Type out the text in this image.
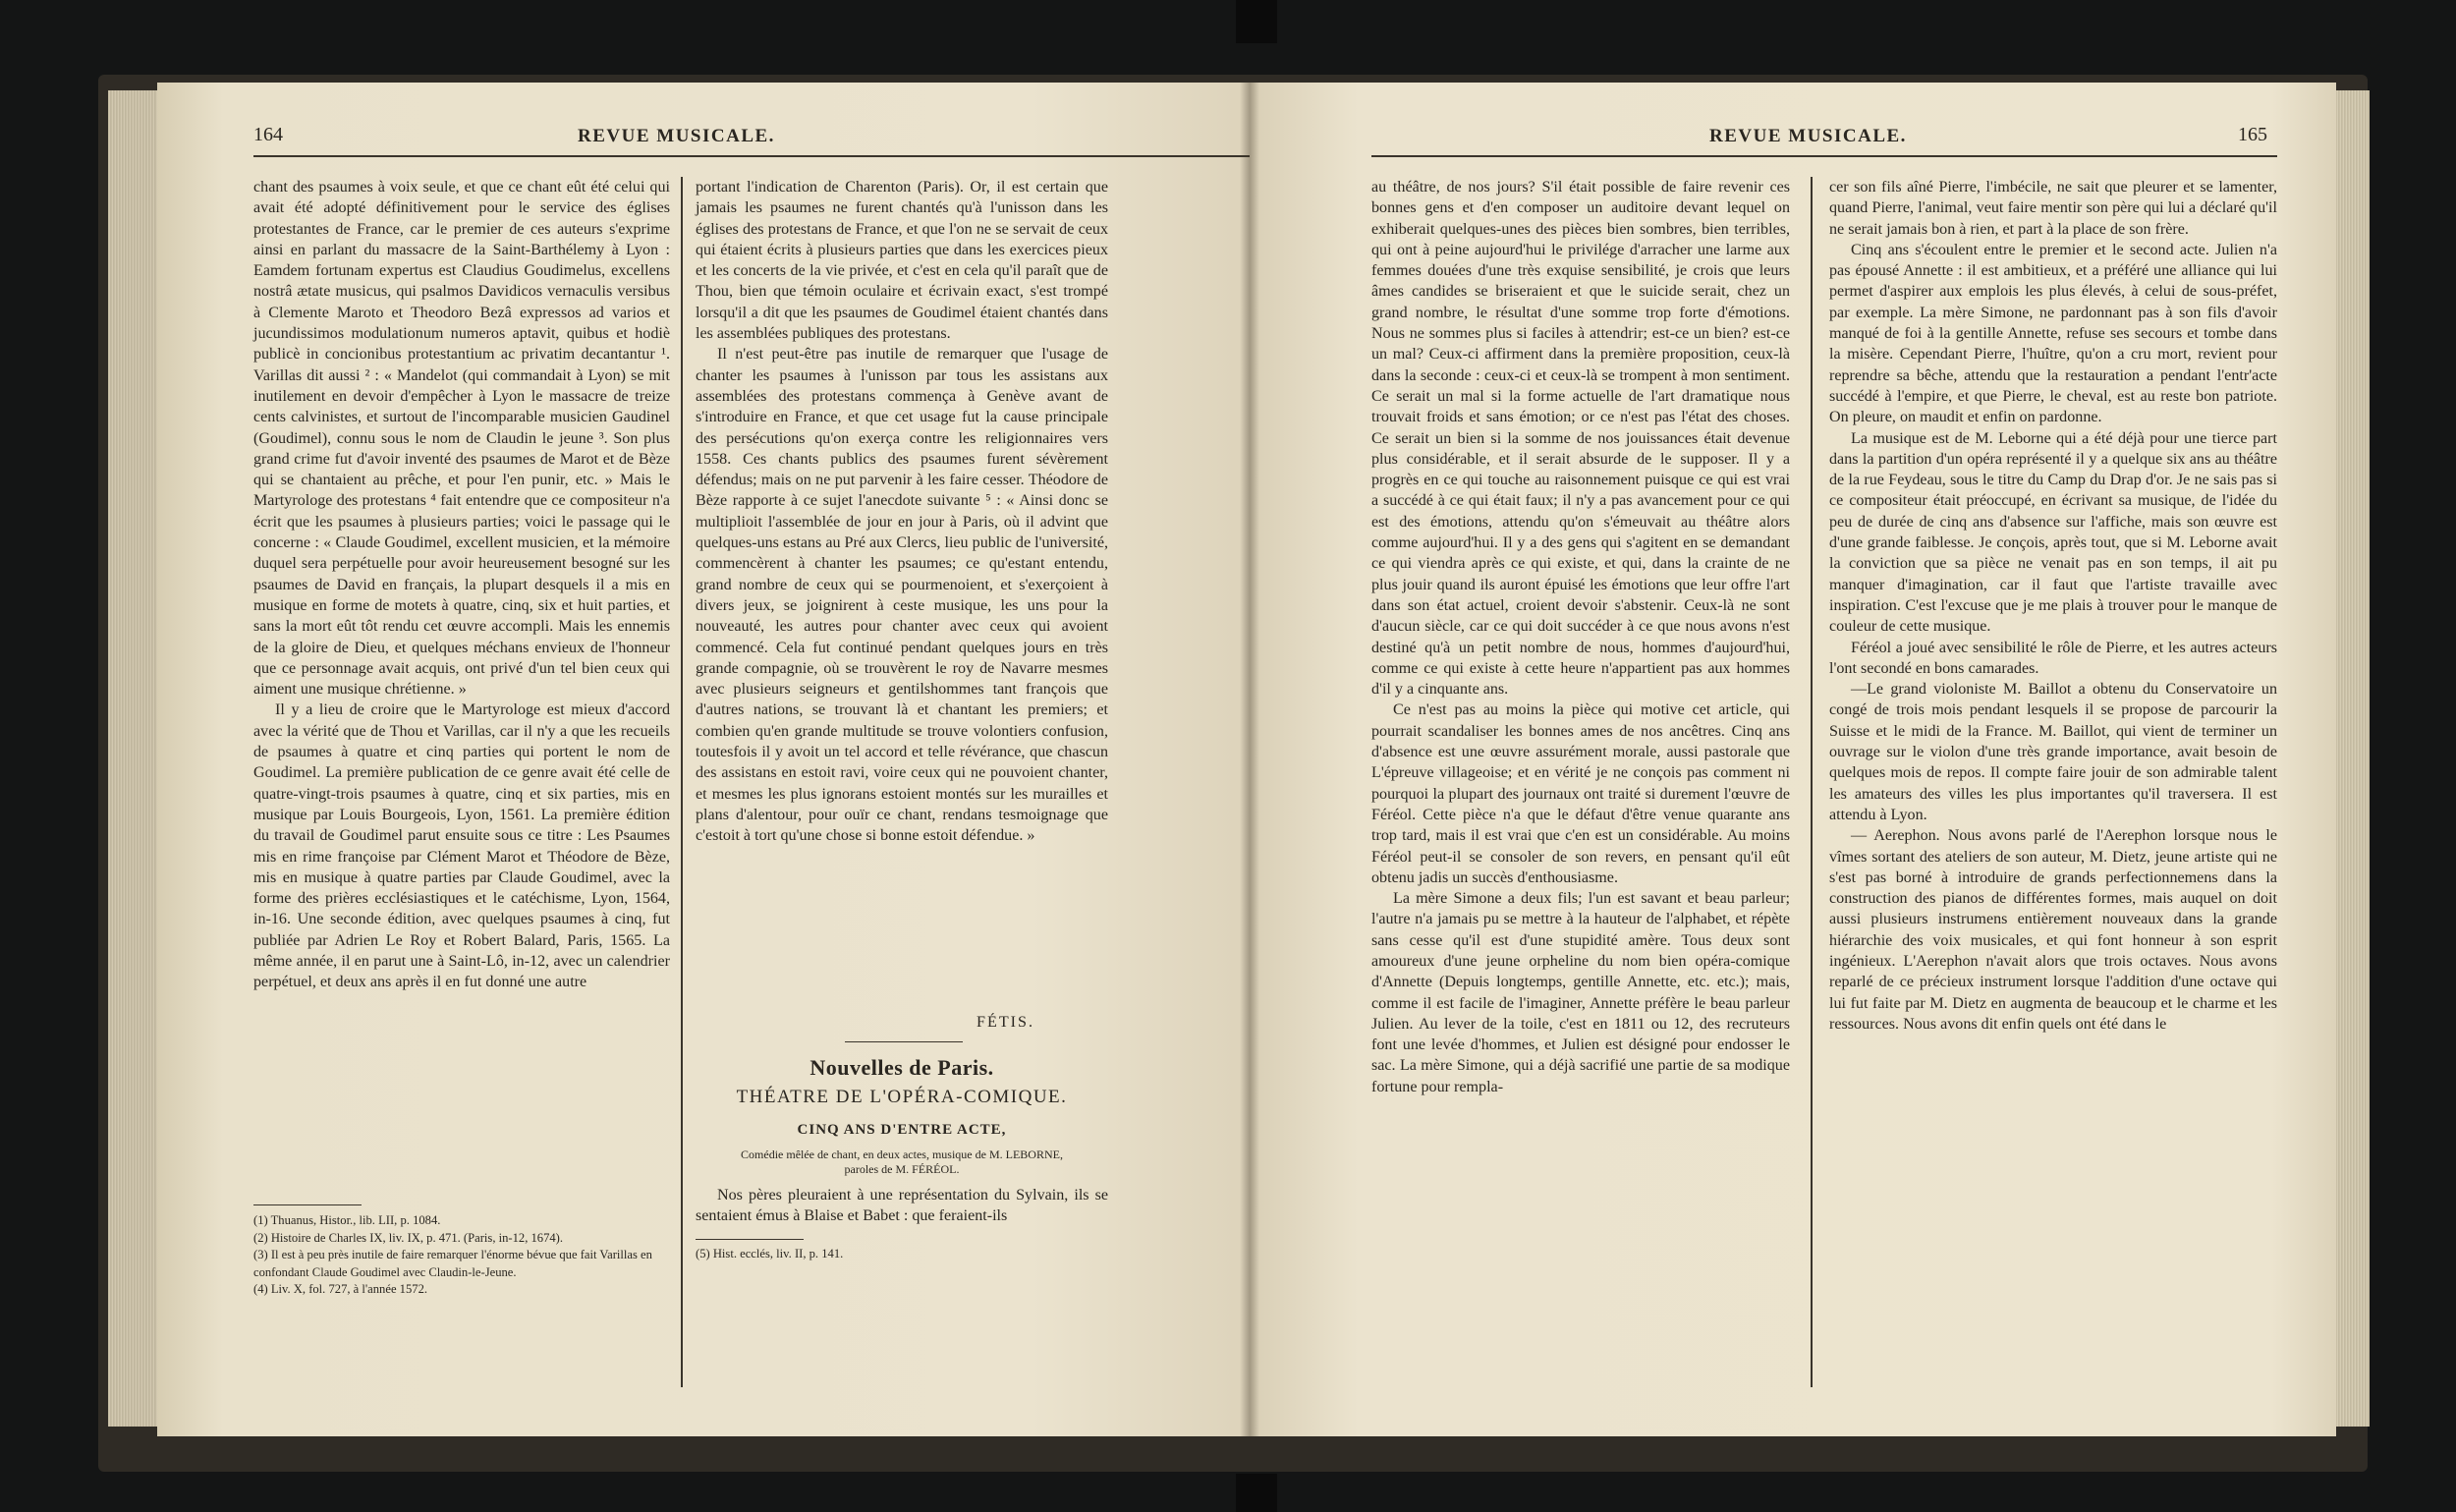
164	REVUE MUSICALE.

chant des psaumes à voix seule, et que ce chant eût été celui qui avait été adopté définitivement pour le service des églises protestantes de France, car le premier de ces auteurs s'exprime ainsi en parlant du massacre de la Saint-Barthélemy à Lyon : Eamdem fortunam expertus est Claudius Goudimelus, excellens nostrâ ætate musicus, qui psalmos Davidicos vernaculis versibus à Clemente Maroto et Theodoro Bezâ expressos ad varios et jucundissimos modulationum numeros aptavit, quibus et hodiè publicè in concionibus protestantium ac privatim decantantur ¹. Varillas dit aussi ² : « Mandelot (qui commandait à Lyon) se mit inutilement en devoir d'empêcher à Lyon le massacre de treize cents calvinistes, et surtout de l'incomparable musicien Gaudinel (Goudimel), connu sous le nom de Claudin le jeune ³. Son plus grand crime fut d'avoir inventé des psaumes de Marot et de Bèze qui se chantaient au prêche, et pour l'en punir, etc. » Mais le Martyrologe des protestans ⁴ fait entendre que ce compositeur n'a écrit que les psaumes à plusieurs parties; voici le passage qui le concerne : « Claude Goudimel, excellent musicien, et la mémoire duquel sera perpétuelle pour avoir heureusement besogné sur les psaumes de David en français, la plupart desquels il a mis en musique en forme de motets à quatre, cinq, six et huit parties, et sans la mort eût tôt rendu cet œuvre accompli. Mais les ennemis de la gloire de Dieu, et quelques méchans envieux de l'honneur que ce personnage avait acquis, ont privé d'un tel bien ceux qui aiment une musique chrétienne. »

Il y a lieu de croire que le Martyrologe est mieux d'accord avec la vérité que de Thou et Varillas, car il n'y a que les recueils de psaumes à quatre et cinq parties qui portent le nom de Goudimel. La première publication de ce genre avait été celle de quatre-vingt-trois psaumes à quatre, cinq et six parties, mis en musique par Louis Bourgeois, Lyon, 1561. La première édition du travail de Goudimel parut ensuite sous ce titre : Les Psaumes mis en rime françoise par Clément Marot et Théodore de Bèze, mis en musique à quatre parties par Claude Goudimel, avec la forme des prières ecclésiastiques et le catéchisme, Lyon, 1564, in-16. Une seconde édition, avec quelques psaumes à cinq, fut publiée par Adrien Le Roy et Robert Balard, Paris, 1565. La même année, il en parut une à Saint-Lô, in-12, avec un calendrier perpétuel, et deux ans après il en fut donné une autre

(1) Thuanus, Histor., lib. LII, p. 1084.

(2) Histoire de Charles IX, liv. IX, p. 471. (Paris, in-12, 1674).

(3) Il est à peu près inutile de faire remarquer l'énorme bévue que fait Varillas en confondant Claude Goudimel avec Claudin-le-Jeune.

(4) Liv. X, fol. 727, à l'année 1572.

portant l'indication de Charenton (Paris). Or, il est certain que jamais les psaumes ne furent chantés qu'à l'unisson dans les églises des protestans de France, et que l'on ne se servait de ceux qui étaient écrits à plusieurs parties que dans les exercices pieux et les concerts de la vie privée, et c'est en cela qu'il paraît que de Thou, bien que témoin oculaire et écrivain exact, s'est trompé lorsqu'il a dit que les psaumes de Goudimel étaient chantés dans les assemblées publiques des protestans.

Il n'est peut-être pas inutile de remarquer que l'usage de chanter les psaumes à l'unisson par tous les assistans aux assemblées des protestans commença à Genève avant de s'introduire en France, et que cet usage fut la cause principale des persécutions qu'on exerça contre les religionnaires vers 1558. Ces chants publics des psaumes furent sévèrement défendus; mais on ne put parvenir à les faire cesser. Théodore de Bèze rapporte à ce sujet l'anecdote suivante ⁵ : « Ainsi donc se multiplioit l'assemblée de jour en jour à Paris, où il advint que quelques-uns estans au Pré aux Clercs, lieu public de l'université, commencèrent à chanter les psaumes; ce qu'estant entendu, grand nombre de ceux qui se pourmenoient, et s'exerçoient à divers jeux, se joignirent à ceste musique, les uns pour la nouveauté, les autres pour chanter avec ceux qui avoient commencé. Cela fut continué pendant quelques jours en très grande compagnie, où se trouvèrent le roy de Navarre mesmes avec plusieurs seigneurs et gentilshommes tant françois que d'autres nations, se trouvant là et chantant les premiers; et combien qu'en grande multitude se trouve volontiers confusion, toutesfois il y avoit un tel accord et telle révérance, que chascun des assistans en estoit ravi, voire ceux qui ne pouvoient chanter, et mesmes les plus ignorans estoient montés sur les murailles et plans d'alentour, pour ouïr ce chant, rendans tesmoignage que c'estoit à tort qu'une chose si bonne estoit défendue. »

FÉTIS.
Nouvelles de Paris.
THÉATRE DE L'OPÉRA-COMIQUE.
CINQ ANS D'ENTRE ACTE,
Comédie mêlée de chant, en deux actes, musique de M. LEBORNE,
paroles de M. FÉRÉOL.

Nos pères pleuraient à une représentation du Sylvain, ils se sentaient émus à Blaise et Babet : que feraient-ils

(5) Hist. ecclés, liv. II, p. 141.
REVUE MUSICALE.	165

au théâtre, de nos jours? S'il était possible de faire revenir ces bonnes gens et d'en composer un auditoire devant lequel on exhiberait quelques-unes des pièces bien sombres, bien terribles, qui ont à peine aujourd'hui le privilége d'arracher une larme aux femmes douées d'une très exquise sensibilité, je crois que leurs âmes candides se briseraient et que le suicide serait, chez un grand nombre, le résultat d'une somme trop forte d'émotions. Nous ne sommes plus si faciles à attendrir; est-ce un bien? est-ce un mal? Ceux-ci affirment dans la première proposition, ceux-là dans la seconde : ceux-ci et ceux-là se trompent à mon sentiment. Ce serait un mal si la forme actuelle de l'art dramatique nous trouvait froids et sans émotion; or ce n'est pas l'état des choses. Ce serait un bien si la somme de nos jouissances était devenue plus considérable, et il serait absurde de le supposer. Il y a progrès en ce qui touche au raisonnement puisque ce qui est vrai a succédé à ce qui était faux; il n'y a pas avancement pour ce qui est des émotions, attendu qu'on s'émeuvait au théâtre alors comme aujourd'hui. Il y a des gens qui s'agitent en se demandant ce qui viendra après ce qui existe, et qui, dans la crainte de ne plus jouir quand ils auront épuisé les émotions que leur offre l'art dans son état actuel, croient devoir s'abstenir. Ceux-là ne sont d'aucun siècle, car ce qui doit succéder à ce que nous avons n'est destiné qu'à un petit nombre de nous, hommes d'aujourd'hui, comme ce qui existe à cette heure n'appartient pas aux hommes d'il y a cinquante ans.

Ce n'est pas au moins la pièce qui motive cet article, qui pourrait scandaliser les bonnes ames de nos ancêtres. Cinq ans d'absence est une œuvre assurément morale, aussi pastorale que L'épreuve villageoise; et en vérité je ne conçois pas comment ni pourquoi la plupart des journaux ont traité si durement l'œuvre de Féréol. Cette pièce n'a que le défaut d'être venue quarante ans trop tard, mais il est vrai que c'en est un considérable. Au moins Féréol peut-il se consoler de son revers, en pensant qu'il eût obtenu jadis un succès d'enthousiasme.

La mère Simone a deux fils; l'un est savant et beau parleur; l'autre n'a jamais pu se mettre à la hauteur de l'alphabet, et répète sans cesse qu'il est d'une stupidité amère. Tous deux sont amoureux d'une jeune orpheline du nom bien opéra-comique d'Annette (Depuis longtemps, gentille Annette, etc. etc.); mais, comme il est facile de l'imaginer, Annette préfère le beau parleur Julien. Au lever de la toile, c'est en 1811 ou 12, des recruteurs font une levée d'hommes, et Julien est désigné pour endosser le sac. La mère Simone, qui a déjà sacrifié une partie de sa modique fortune pour rempla-

cer son fils aîné Pierre, l'imbécile, ne sait que pleurer et se lamenter, quand Pierre, l'animal, veut faire mentir son père qui lui a déclaré qu'il ne serait jamais bon à rien, et part à la place de son frère.

Cinq ans s'écoulent entre le premier et le second acte. Julien n'a pas épousé Annette : il est ambitieux, et a préféré une alliance qui lui permet d'aspirer aux emplois les plus élevés, à celui de sous-préfet, par exemple. La mère Simone, ne pardonnant pas à son fils d'avoir manqué de foi à la gentille Annette, refuse ses secours et tombe dans la misère. Cependant Pierre, l'huître, qu'on a cru mort, revient pour reprendre sa bêche, attendu que la restauration a pendant l'entr'acte succédé à l'empire, et que Pierre, le cheval, est au reste bon patriote. On pleure, on maudit et enfin on pardonne.

La musique est de M. Leborne qui a été déjà pour une tierce part dans la partition d'un opéra représenté il y a quelque six ans au théâtre de la rue Feydeau, sous le titre du Camp du Drap d'or. Je ne sais pas si ce compositeur était préoccupé, en écrivant sa musique, de l'idée du peu de durée de cinq ans d'absence sur l'affiche, mais son œuvre est d'une grande faiblesse. Je conçois, après tout, que si M. Leborne avait la conviction que sa pièce ne venait pas en son temps, il ait pu manquer d'imagination, car il faut que l'artiste travaille avec inspiration. C'est l'excuse que je me plais à trouver pour le manque de couleur de cette musique.

Féréol a joué avec sensibilité le rôle de Pierre, et les autres acteurs l'ont secondé en bons camarades.

—Le grand violoniste M. Baillot a obtenu du Conservatoire un congé de trois mois pendant lesquels il se propose de parcourir la Suisse et le midi de la France. M. Baillot, qui vient de terminer un ouvrage sur le violon d'une très grande importance, avait besoin de quelques mois de repos. Il compte faire jouir de son admirable talent les amateurs des villes les plus importantes qu'il traversera. Il est attendu à Lyon.

— Aerephon. Nous avons parlé de l'Aerephon lorsque nous le vîmes sortant des ateliers de son auteur, M. Dietz, jeune artiste qui ne s'est pas borné à introduire de grands perfectionnemens dans la construction des pianos de différentes formes, mais auquel on doit aussi plusieurs instrumens entièrement nouveaux dans la grande hiérarchie des voix musicales, et qui font honneur à son esprit ingénieux. L'Aerephon n'avait alors que trois octaves. Nous avons reparlé de ce précieux instrument lorsque l'addition d'une octave qui lui fut faite par M. Dietz en augmenta de beaucoup et le charme et les ressources. Nous avons dit enfin quels ont été dans le
